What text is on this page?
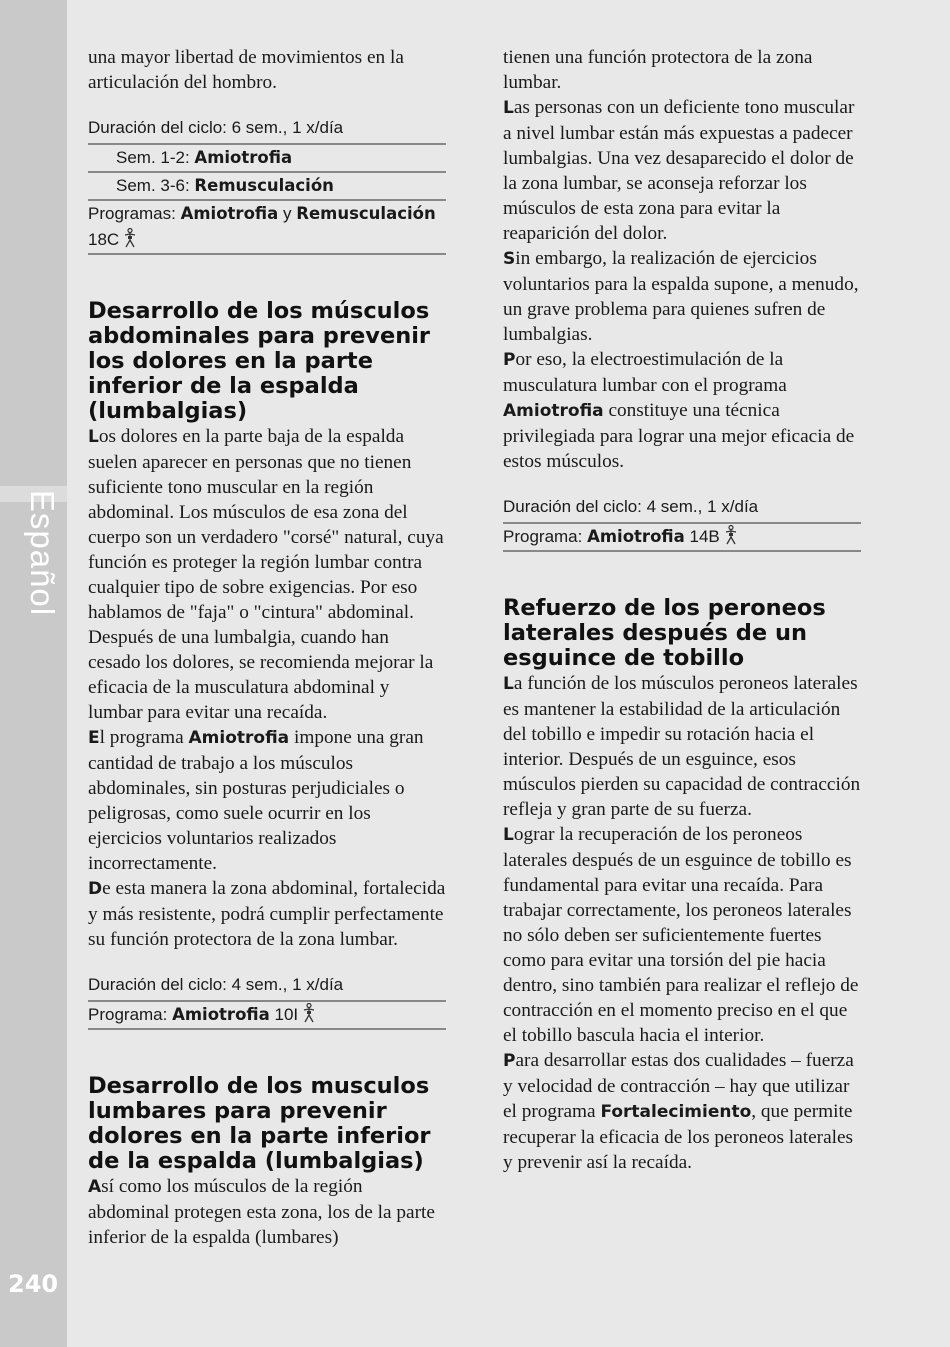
Español
240

una mayor libertad de movimientos en la articulación del hombro.

Duración del ciclo: 6 sem., 1 x/día
Sem. 1-2: Amiotrofia
Sem. 3-6: Remusculación
Programas: Amiotrofia y Remusculación
18C
Desarrollo de los músculos abdominales para prevenir los dolores en la parte inferior de la espalda (lumbalgias)

Los dolores en la parte baja de la espalda suelen aparecer en personas que no tienen suficiente tono muscular en la región abdominal. Los músculos de esa zona del cuerpo son un verdadero "corsé" natural, cuya función es proteger la región lumbar contra cualquier tipo de sobre exigencias. Por eso hablamos de "faja" o "cintura" abdominal. Después de una lumbalgia, cuando han cesado los dolores, se recomienda mejorar la eficacia de la musculatura abdominal y lumbar para evitar una recaída.

El programa Amiotrofia impone una gran cantidad de trabajo a los músculos abdominales, sin posturas perjudiciales o peligrosas, como suele ocurrir en los ejercicios voluntarios realizados incorrectamente.

De esta manera la zona abdominal, fortalecida y más resistente, podrá cumplir perfectamente su función protectora de la zona lumbar.

Duración del ciclo: 4 sem., 1 x/día
Programa: Amiotrofia 10I
Desarrollo de los musculos lumbares para prevenir dolores en la parte inferior de la espalda (lumbalgias)

Así como los músculos de la región abdominal protegen esta zona, los de la parte inferior de la espalda (lumbares)

tienen una función protectora de la zona lumbar.

Las personas con un deficiente tono muscular a nivel lumbar están más expuestas a padecer lumbalgias. Una vez desaparecido el dolor de la zona lumbar, se aconseja reforzar los músculos de esta zona para evitar la reaparición del dolor.

Sin embargo, la realización de ejercicios voluntarios para la espalda supone, a menudo, un grave problema para quienes sufren de lumbalgias.

Por eso, la electroestimulación de la musculatura lumbar con el programa Amiotrofia constituye una técnica privilegiada para lograr una mejor eficacia de estos músculos.

Duración del ciclo: 4 sem., 1 x/día
Programa: Amiotrofia 14B
Refuerzo de los peroneos laterales después de un esguince de tobillo

La función de los músculos peroneos laterales es mantener la estabilidad de la articulación del tobillo e impedir su rotación hacia el interior. Después de un esguince, esos músculos pierden su capacidad de contracción refleja y gran parte de su fuerza.

Lograr la recuperación de los peroneos laterales después de un esguince de tobillo es fundamental para evitar una recaída. Para trabajar correctamente, los peroneos laterales no sólo deben ser suficientemente fuertes como para evitar una torsión del pie hacia dentro, sino también para realizar el reflejo de contracción en el momento preciso en el que el tobillo bascula hacia el interior.

Para desarrollar estas dos cualidades – fuerza y velocidad de contracción – hay que utilizar el programa Fortalecimiento, que permite recuperar la eficacia de los peroneos laterales y prevenir así la recaída.
